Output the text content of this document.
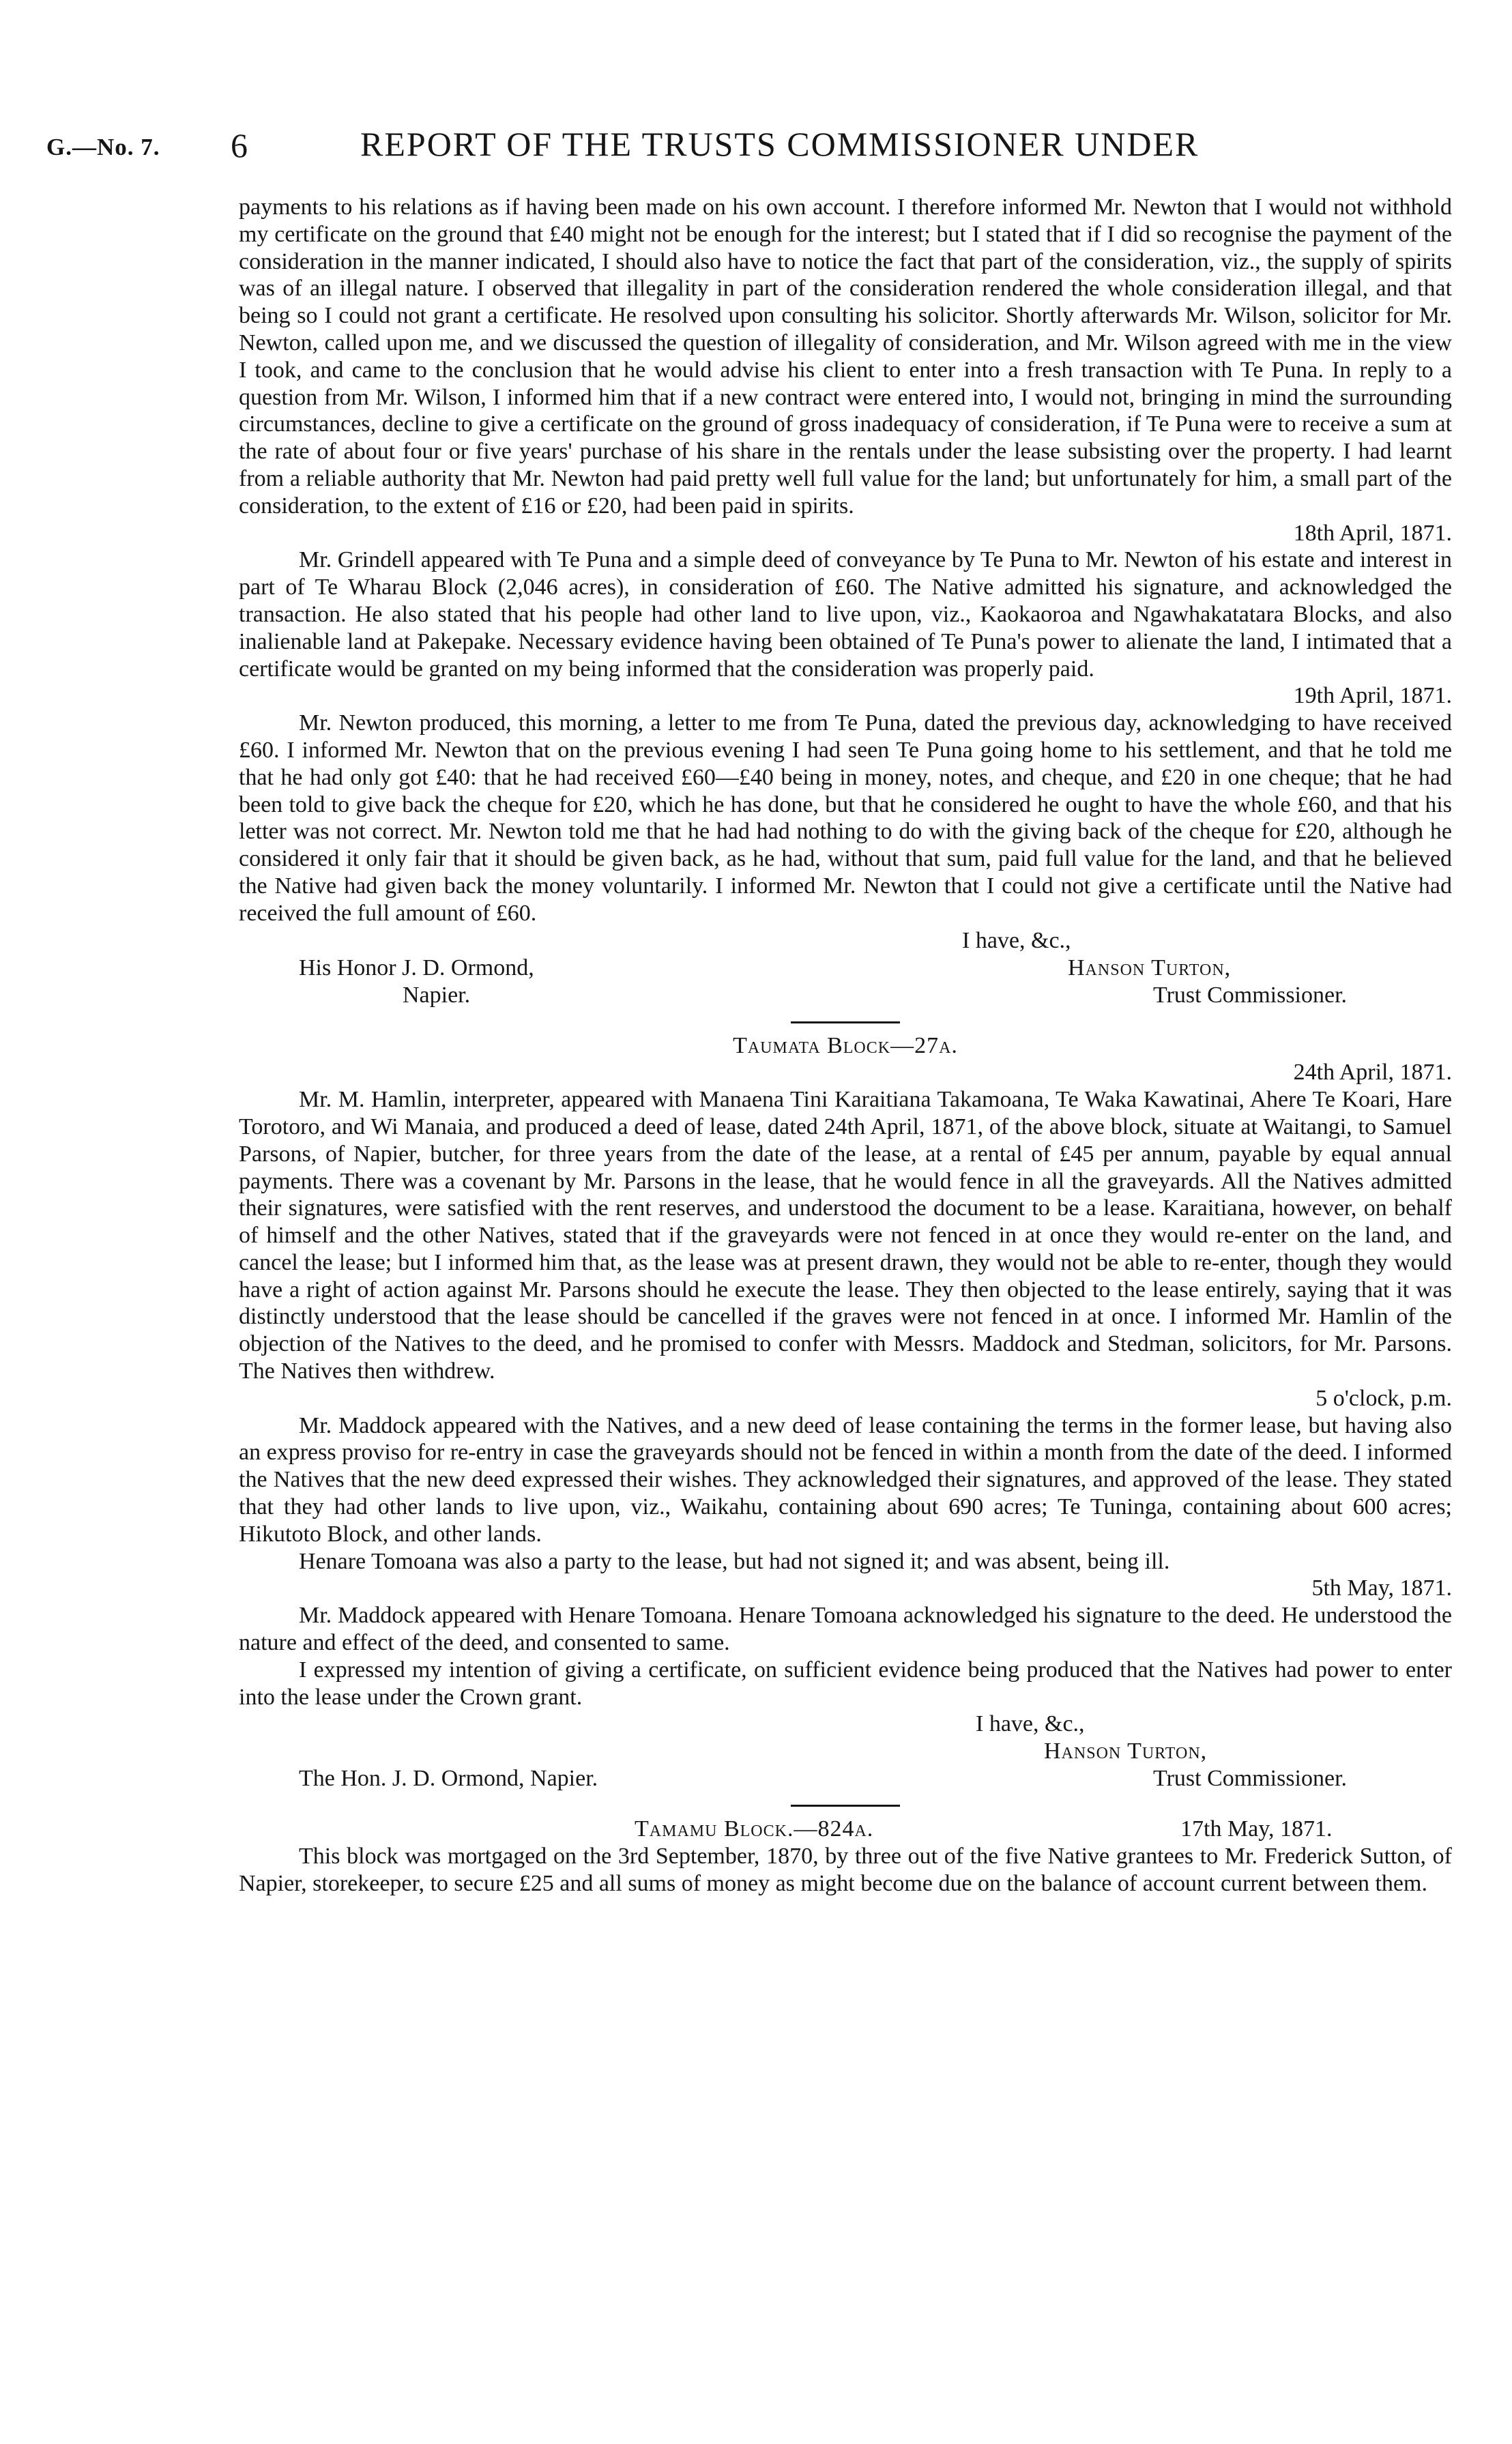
G.—No. 7. 6	REPORT OF THE TRUSTS COMMISSIONER UNDER

payments to his relations as if having been made on his own account. I therefore informed Mr. Newton that I would not withhold my certificate on the ground that £40 might not be enough for the interest; but I stated that if I did so recognise the payment of the consideration in the manner indicated, I should also have to notice the fact that part of the consideration, viz., the supply of spirits was of an illegal nature. I observed that illegality in part of the consideration rendered the whole consideration illegal, and that being so I could not grant a certificate. He resolved upon consulting his solicitor. Shortly afterwards Mr. Wilson, solicitor for Mr. Newton, called upon me, and we discussed the question of illegality of consideration, and Mr. Wilson agreed with me in the view I took, and came to the conclusion that he would advise his client to enter into a fresh transaction with Te Puna. In reply to a question from Mr. Wilson, I informed him that if a new contract were entered into, I would not, bringing in mind the surrounding circumstances, decline to give a certificate on the ground of gross inadequacy of consideration, if Te Puna were to receive a sum at the rate of about four or five years' purchase of his share in the rentals under the lease subsisting over the property. I had learnt from a reliable authority that Mr. Newton had paid pretty well full value for the land; but unfortunately for him, a small part of the consideration, to the extent of £16 or £20, had been paid in spirits.

18th April, 1871.

Mr. Grindell appeared with Te Puna and a simple deed of conveyance by Te Puna to Mr. Newton of his estate and interest in part of Te Wharau Block (2,046 acres), in consideration of £60. The Native admitted his signature, and acknowledged the transaction. He also stated that his people had other land to live upon, viz., Kaokaoroa and Ngawhakatatara Blocks, and also inalienable land at Pakepake. Necessary evidence having been obtained of Te Puna's power to alienate the land, I intimated that a certificate would be granted on my being informed that the consideration was properly paid.

19th April, 1871.

Mr. Newton produced, this morning, a letter to me from Te Puna, dated the previous day, acknowledging to have received £60. I informed Mr. Newton that on the previous evening I had seen Te Puna going home to his settlement, and that he told me that he had only got £40: that he had received £60—£40 being in money, notes, and cheque, and £20 in one cheque; that he had been told to give back the cheque for £20, which he has done, but that he considered he ought to have the whole £60, and that his letter was not correct. Mr. Newton told me that he had had nothing to do with the giving back of the cheque for £20, although he considered it only fair that it should be given back, as he had, without that sum, paid full value for the land, and that he believed the Native had given back the money voluntarily. I informed Mr. Newton that I could not give a certificate until the Native had received the full amount of £60.

I have, &c.,
His Honor J. D. Ormond,	Hanson Turton,
Napier.	Trust Commissioner.

Taumata Block—27a.

24th April, 1871.

Mr. M. Hamlin, interpreter, appeared with Manaena Tini Karaitiana Takamoana, Te Waka Kawatinai, Ahere Te Koari, Hare Torotoro, and Wi Manaia, and produced a deed of lease, dated 24th April, 1871, of the above block, situate at Waitangi, to Samuel Parsons, of Napier, butcher, for three years from the date of the lease, at a rental of £45 per annum, payable by equal annual payments. There was a covenant by Mr. Parsons in the lease, that he would fence in all the graveyards. All the Natives admitted their signatures, were satisfied with the rent reserves, and understood the document to be a lease. Karaitiana, however, on behalf of himself and the other Natives, stated that if the graveyards were not fenced in at once they would re-enter on the land, and cancel the lease; but I informed him that, as the lease was at present drawn, they would not be able to re-enter, though they would have a right of action against Mr. Parsons should he execute the lease. They then objected to the lease entirely, saying that it was distinctly understood that the lease should be cancelled if the graves were not fenced in at once. I informed Mr. Hamlin of the objection of the Natives to the deed, and he promised to confer with Messrs. Maddock and Stedman, solicitors, for Mr. Parsons. The Natives then withdrew.

5 o'clock, p.m.

Mr. Maddock appeared with the Natives, and a new deed of lease containing the terms in the former lease, but having also an express proviso for re-entry in case the graveyards should not be fenced in within a month from the date of the deed. I informed the Natives that the new deed expressed their wishes. They acknowledged their signatures, and approved of the lease. They stated that they had other lands to live upon, viz., Waikahu, containing about 690 acres; Te Tuninga, containing about 600 acres; Hikutoto Block, and other lands.

Henare Tomoana was also a party to the lease, but had not signed it; and was absent, being ill.

5th May, 1871.

Mr. Maddock appeared with Henare Tomoana. Henare Tomoana acknowledged his signature to the deed. He understood the nature and effect of the deed, and consented to same.

I expressed my intention of giving a certificate, on sufficient evidence being produced that the Natives had power to enter into the lease under the Crown grant.

I have, &c.,
Hanson Turton,
The Hon. J. D. Ormond, Napier.	Trust Commissioner.
Tamamu Block.—824a.	17th May, 1871.

This block was mortgaged on the 3rd September, 1870, by three out of the five Native grantees to Mr. Frederick Sutton, of Napier, storekeeper, to secure £25 and all sums of money as might become due on the balance of account current between them.
